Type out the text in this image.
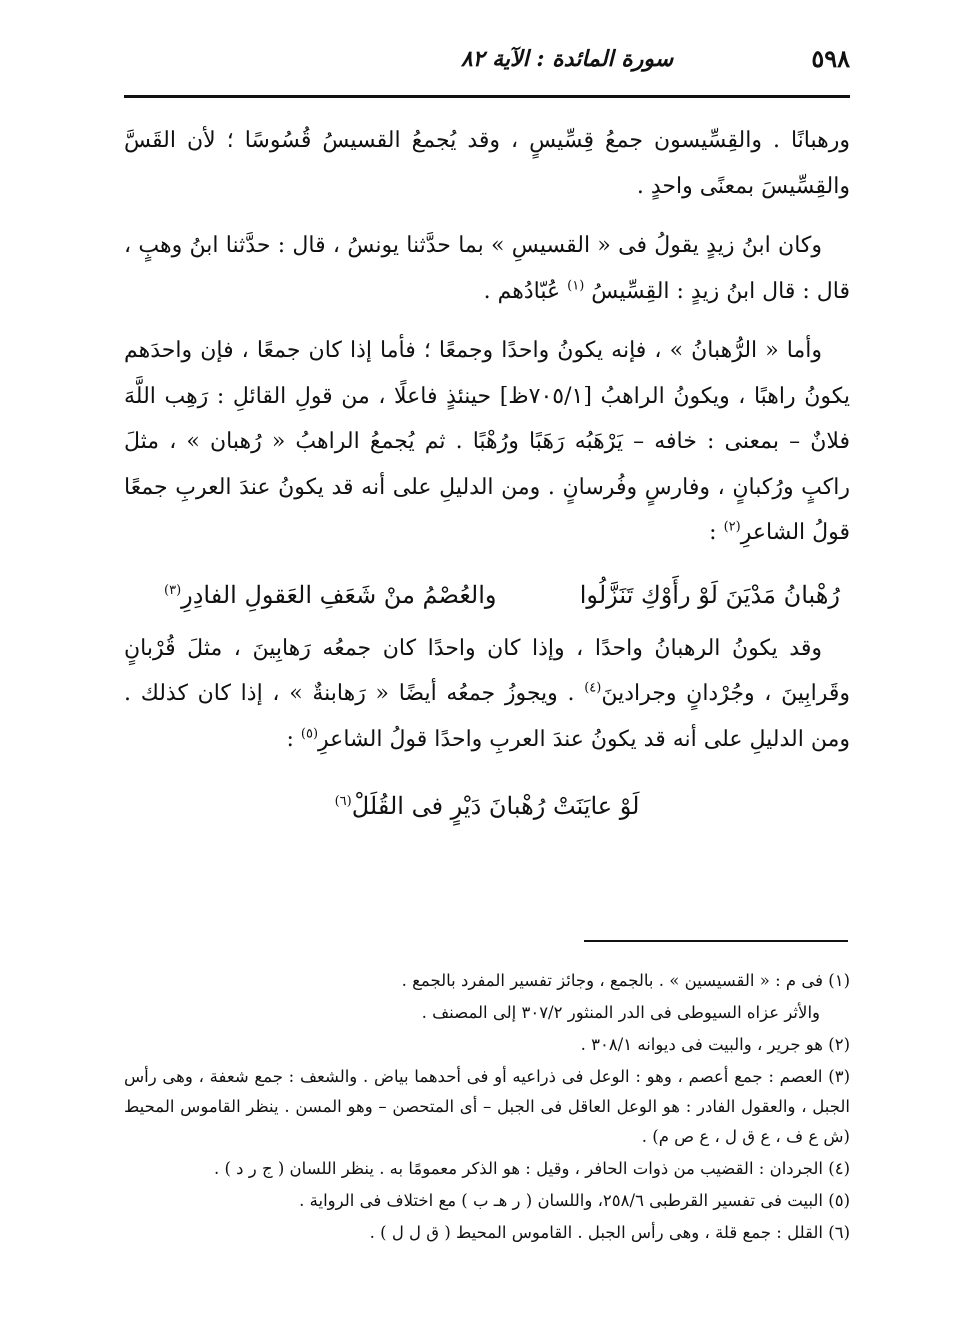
٥٩٨
سورة المائدة : الآية ٨٢

ورهبانًا . والقِسِّيسون جمعُ قِسِّيسٍ ، وقد يُجمعُ القسيسُ قُسُوسًا ؛ لأن القَسَّ والقِسِّيسَ بمعنًى واحدٍ .

وكان ابنُ زيدٍ يقولُ فى « القسيسِ » بما حدَّثنا يونسُ ، قال : حدَّثنا ابنُ وهبٍ ، قال : قال ابنُ زيدٍ : القِسِّيسُ $^{(١)}$ عُبّادُهم .

وأما « الرُّهبانُ » ، فإنه يكونُ واحدًا وجمعًا ؛ فأما إذا كان جمعًا ، فإن واحدَهم يكونُ راهبًا ، ويكونُ الراهبُ [٧٠٥/١ظ] حينئذٍ فاعلًا ، من قولِ القائلِ : رَهِب اللَّهَ فلانٌ – بمعنى : خافه – يَرْهَبُه رَهَبًا ورُهْبًا . ثم يُجمعُ الراهبُ « رُهبان » ، مثلَ راكبٍ ورُكبانٍ ، وفارسٍ وفُرسانٍ . ومن الدليلِ على أنه قد يكونُ عندَ العربِ جمعًا قولُ الشاعرِ$^{(٢)}$ :

رُهْبانُ مَدْيَنَ لَوْ رأَوْكِ تَنَزَّلُوا
والعُصْمُ منْ شَعَفِ العَقولِ الفادِرِ$^{(٣)}$

وقد يكونُ الرهبانُ واحدًا ، وإذا كان واحدًا كان جمعُه رَهابِينَ ، مثلَ قُرْبانٍ وقَرابِينَ ، وجُرْدانٍ وجرادينَ$^{(٤)}$ . ويجوزُ جمعُه أيضًا « رَهابنةٌ » ، إذا كان كذلك . ومن الدليلِ على أنه قد يكونُ عندَ العربِ واحدًا قولُ الشاعرِ$^{(٥)}$ :

لَوْ عايَنَتْ رُهْبانَ دَيْرٍ فى القُلَلْ$^{(٦)}$
(١) فى م : « القسيسين » . بالجمع ، وجائز تفسير المفرد بالجمع .
والأثر عزاه السيوطى فى الدر المنثور ٣٠٧/٢ إلى المصنف .
(٢) هو جرير ، والبيت فى ديوانه ٣٠٨/١ .
(٣) العصم : جمع أعصم ، وهو : الوعل فى ذراعيه أو فى أحدهما بياض . والشعف : جمع شعفة ، وهى رأس الجبل ، والعقول الفادر : هو الوعل العاقل فى الجبل – أى المتحصن – وهو المسن . ينظر القاموس المحيط (ش ع ف ، ع ق ل ، ع ص م) .
(٤) الجردان : القضيب من ذوات الحافر ، وقيل : هو الذكر معمومًا به . ينظر اللسان ( ج ر د ) .
(٥) البيت فى تفسير القرطبى ٢٥٨/٦، واللسان ( ر هـ ب ) مع اختلاف فى الرواية .
(٦) القلل : جمع قلة ، وهى رأس الجبل . القاموس المحيط ( ق ل ل ) .
